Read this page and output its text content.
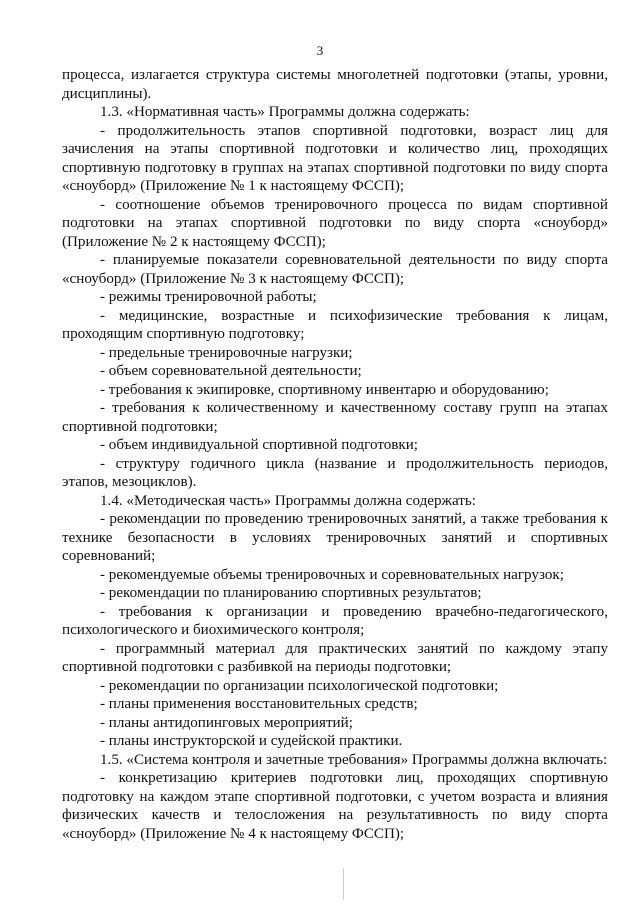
3

процесса, излагается структура системы многолетней подготовки (этапы, уровни, дисциплины).

1.3. «Нормативная часть» Программы должна содержать:

- продолжительность этапов спортивной подготовки, возраст лиц для зачисления на этапы спортивной подготовки и количество лиц, проходящих спортивную подготовку в группах на этапах спортивной подготовки по виду спорта «сноуборд» (Приложение № 1 к настоящему ФССП);

- соотношение объемов тренировочного процесса по видам спортивной подготовки на этапах спортивной подготовки по виду спорта «сноуборд» (Приложение № 2 к настоящему ФССП);

- планируемые показатели соревновательной деятельности по виду спорта «сноуборд» (Приложение № 3 к настоящему ФССП);

- режимы тренировочной работы;

- медицинские, возрастные и психофизические требования к лицам, проходящим спортивную подготовку;

- предельные тренировочные нагрузки;

- объем соревновательной деятельности;

- требования к экипировке, спортивному инвентарю и оборудованию;

- требования к количественному и качественному составу групп на этапах спортивной подготовки;

- объем индивидуальной спортивной подготовки;

- структуру годичного цикла (название и продолжительность периодов, этапов, мезоциклов).

1.4. «Методическая часть» Программы должна содержать:

- рекомендации по проведению тренировочных занятий, а также требования к технике безопасности в условиях тренировочных занятий и спортивных соревнований;

- рекомендуемые объемы тренировочных и соревновательных нагрузок;

- рекомендации по планированию спортивных результатов;

- требования к организации и проведению врачебно-педагогического, психологического и биохимического контроля;

- программный материал для практических занятий по каждому этапу спортивной подготовки с разбивкой на периоды подготовки;

- рекомендации по организации психологической подготовки;

- планы применения восстановительных средств;

- планы антидопинговых мероприятий;

- планы инструкторской и судейской практики.

1.5. «Система контроля и зачетные требования» Программы должна включать:

- конкретизацию критериев подготовки лиц, проходящих спортивную подготовку на каждом этапе спортивной подготовки, с учетом возраста и влияния физических качеств и телосложения на результативность по виду спорта «сноуборд» (Приложение № 4 к настоящему ФССП);
